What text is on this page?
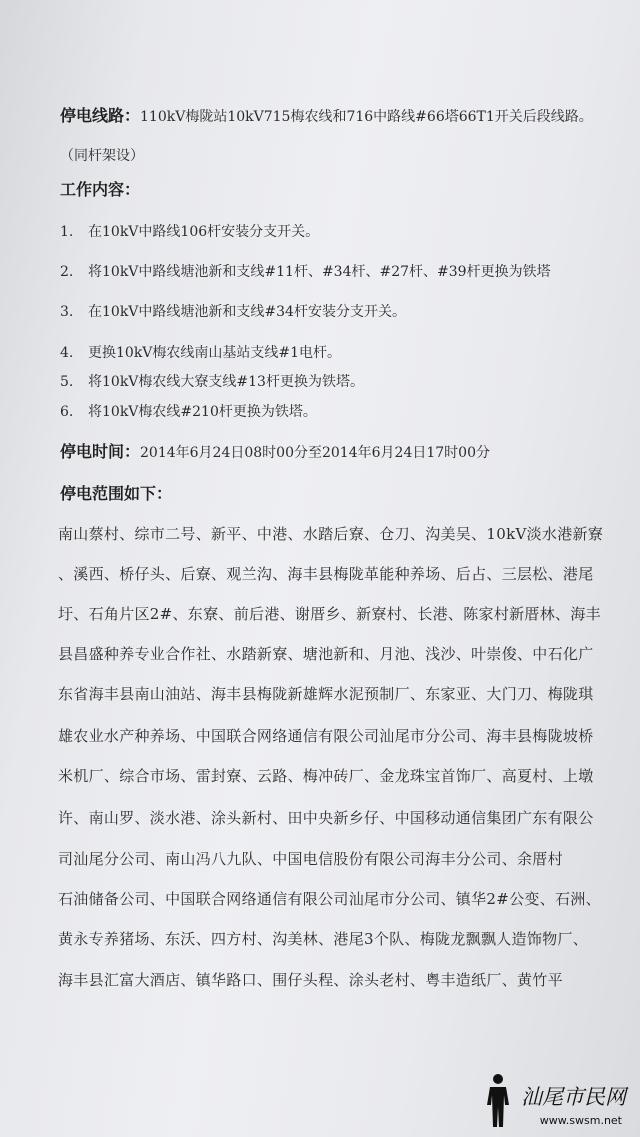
停电线路：110kV梅陇站10kV715梅农线和716中路线#66塔66T1开关后段线路。
（同杆架设）
工作内容：
1. 在10kV中路线106杆安装分支开关。
2. 将10kV中路线塘池新和支线#11杆、#34杆、#27杆、#39杆更换为铁塔
3. 在10kV中路线塘池新和支线#34杆安装分支开关。
4. 更换10kV梅农线南山基站支线#1电杆。
5. 将10kV梅农线大寮支线#13杆更换为铁塔。
6. 将10kV梅农线#210杆更换为铁塔。
停电时间：2014年6月24日08时00分至2014年6月24日17时00分
停电范围如下：
南山蔡村、综市二号、新平、中港、水踏后寮、仓刀、沟美吴、10kV淡水港新寮
、溪西、桥仔头、后寮、观兰沟、海丰县梅陇革能种养场、后占、三层松、港尾
圩、石角片区2#、东寮、前后港、谢厝乡、新寮村、长港、陈家村新厝林、海丰
县昌盛种养专业合作社、水踏新寮、塘池新和、月池、浅沙、叶崇俊、中石化广
东省海丰县南山油站、海丰县梅陇新雄辉水泥预制厂、东家亚、大门刀、梅陇琪
雄农业水产种养场、中国联合网络通信有限公司汕尾市分公司、海丰县梅陇坡桥
米机厂、综合市场、雷封寮、云路、梅冲砖厂、金龙珠宝首饰厂、高夏村、上墩
许、南山罗、淡水港、涂头新村、田中央新乡仔、中国移动通信集团广东有限公
司汕尾分公司、南山冯八九队、中国电信股份有限公司海丰分公司、余厝村
石油储备公司、中国联合网络通信有限公司汕尾市分公司、镇华2#公变、石洲、
黄永专养猪场、东沃、四方村、沟美林、港尾3个队、梅陇龙飘飘人造饰物厂、
海丰县汇富大酒店、镇华路口、围仔头程、涂头老村、粤丰造纸厂、黄竹平
汕尾市民网
www.swsm.net
